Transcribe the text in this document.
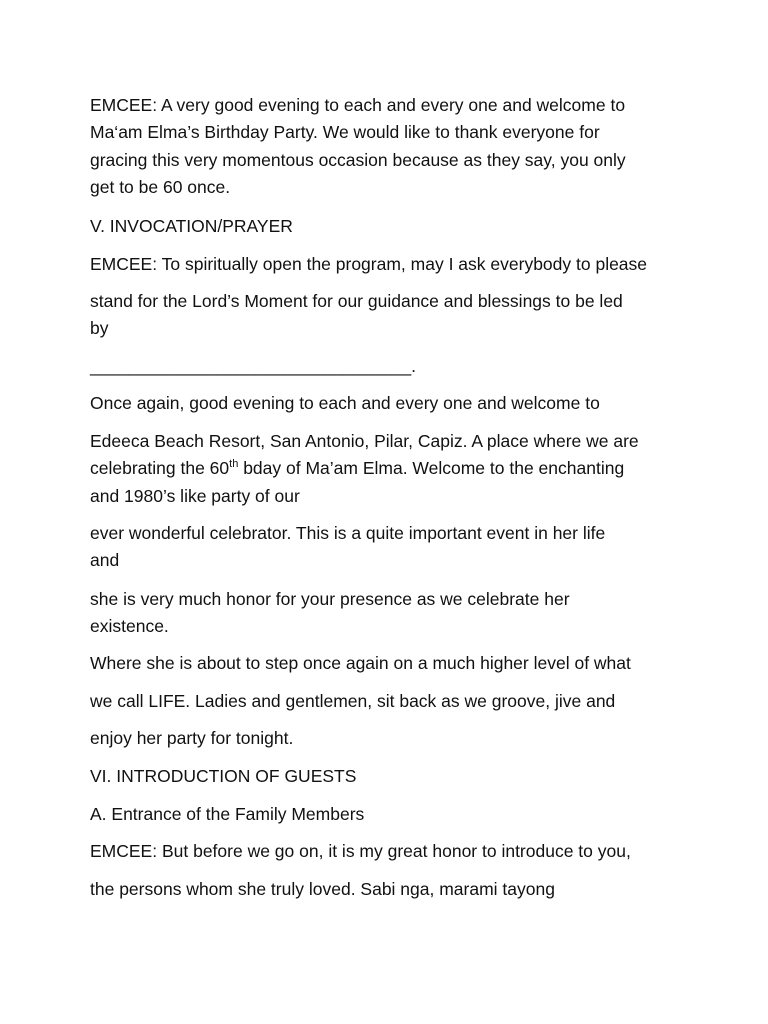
EMCEE: A very good evening to each and every one and welcome to
Ma‘am Elma’s Birthday Party. We would like to thank everyone for
gracing this very momentous occasion because as they say, you only
get to be 60 once.
V. INVOCATION/PRAYER
EMCEE: To spiritually open the program, may I ask everybody to please
stand for the Lord’s Moment for our guidance and blessings to be led
by
_________________________________.
Once again, good evening to each and every one and welcome to
Edeeca Beach Resort, San Antonio, Pilar, Capiz. A place where we are
celebrating the 60th bday of Ma’am Elma. Welcome to the enchanting
and 1980’s like party of our
ever wonderful celebrator. This is a quite important event in her life
and
she is very much honor for your presence as we celebrate her
existence.
Where she is about to step once again on a much higher level of what
we call LIFE. Ladies and gentlemen, sit back as we groove, jive and
enjoy her party for tonight.
VI. INTRODUCTION OF GUESTS
A. Entrance of the Family Members
EMCEE: But before we go on, it is my great honor to introduce to you,
the persons whom she truly loved. Sabi nga, marami tayong
